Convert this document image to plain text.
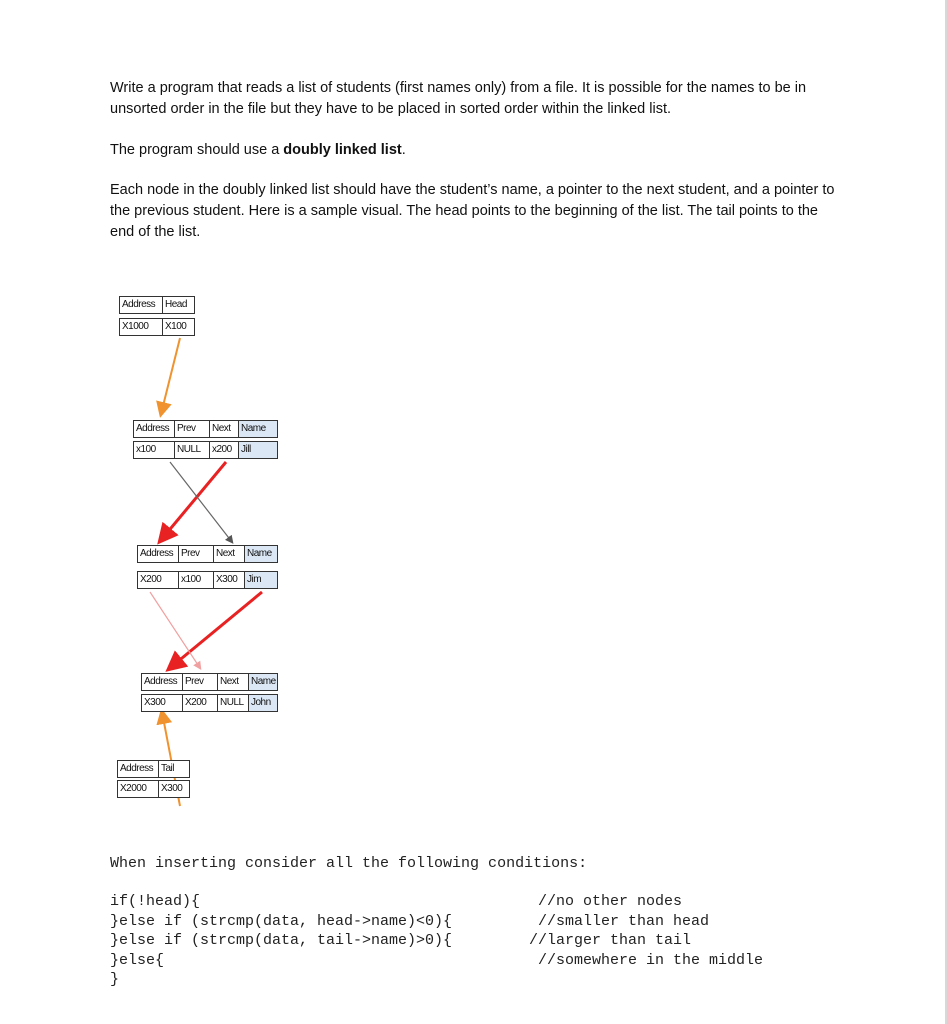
Write a program that reads a list of students (first names only) from a file. It is possible for the names to be in unsorted order in the file but they have to be placed in sorted order within the linked list.

The program should use a doubly linked list.

Each node in the doubly linked list should have the student’s name, a pointer to the next student, and a pointer to the previous student. Here is a sample visual. The head points to the beginning of the list. The tail points to the end of the list.

Address Head
X1000	X100
Address Prev	Next	Name
x100	NULL	x200 Jill
Address Prev	Next	Name
X200	x100	X300 Jim
Address Prev	Next	Name
X300	X200	NULL John
Address Tail
X2000	X300
When inserting consider all the following conditions:
if(!head){	//no other nodes
}else if (strcmp(data, head->name)<0){	//smaller than head
}else if (strcmp(data, tail->name)>0){	//larger than tail
}else{	//somewhere in the middle
}
